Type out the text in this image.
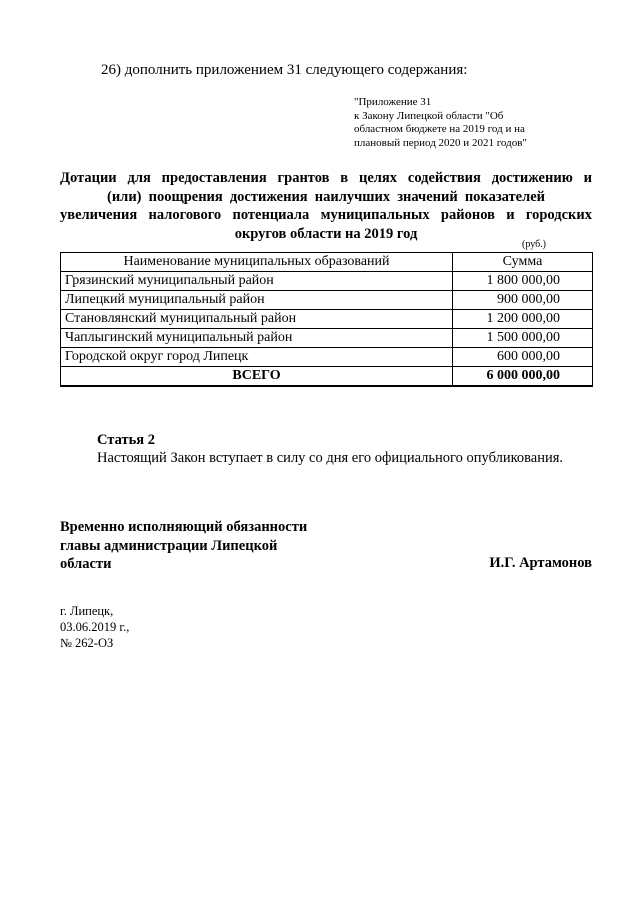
26) дополнить приложением 31 следующего содержания:
"Приложение 31
к Закону Липецкой области "Об
областном бюджете на 2019 год и на
плановый период 2020 и 2021 годов"
Дотации для предоставления грантов в целях содействия достижению и
(или) поощрения достижения наилучших значений показателей
увеличения налогового потенциала муниципальных районов и городских
округов области на 2019 год
(руб.)
Наименование муниципальных образований	Сумма
Грязинский муниципальный район	1 800 000,00
Липецкий муниципальный район	900 000,00
Становлянский муниципальный район	1 200 000,00
Чаплыгинский муниципальный район	1 500 000,00
Городской округ город Липецк	600 000,00
ВСЕГО	6 000 000,00
Статья 2
Настоящий Закон вступает в силу со дня его официального опубликования.
Временно исполняющий обязанности
главы администрации Липецкой
области	И.Г. Артамонов
г. Липецк,
03.06.2019 г.,
№ 262-ОЗ
